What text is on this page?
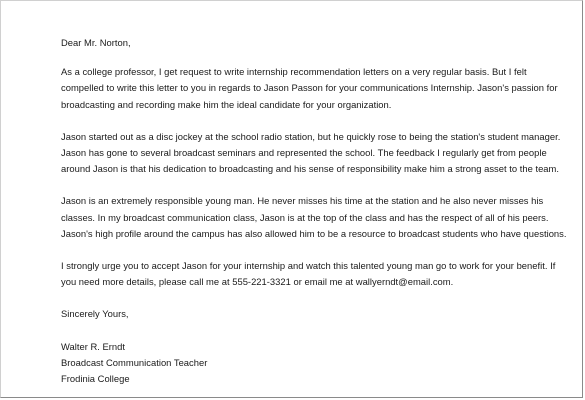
Dear Mr. Norton,
As a college professor, I get request to write internship recommendation letters on a very regular basis. But I felt
compelled to write this letter to you in regards to Jason Passon for your communications Internship. Jason's passion for
broadcasting and recording make him the ideal candidate for your organization.
Jason started out as a disc jockey at the school radio station, but he quickly rose to being the station's student manager.
Jason has gone to several broadcast seminars and represented the school. The feedback I regularly get from people
around Jason is that his dedication to broadcasting and his sense of responsibility make him a strong asset to the team.
Jason is an extremely responsible young man. He never misses his time at the station and he also never misses his
classes. In my broadcast communication class, Jason is at the top of the class and has the respect of all of his peers.
Jason's high profile around the campus has also allowed him to be a resource to broadcast students who have questions.
I strongly urge you to accept Jason for your internship and watch this talented young man go to work for your benefit. If
you need more details, please call me at 555-221-3321 or email me at wallyerndt@email.com.
Sincerely Yours,
Walter R. Erndt
Broadcast Communication Teacher
Frodinia College
